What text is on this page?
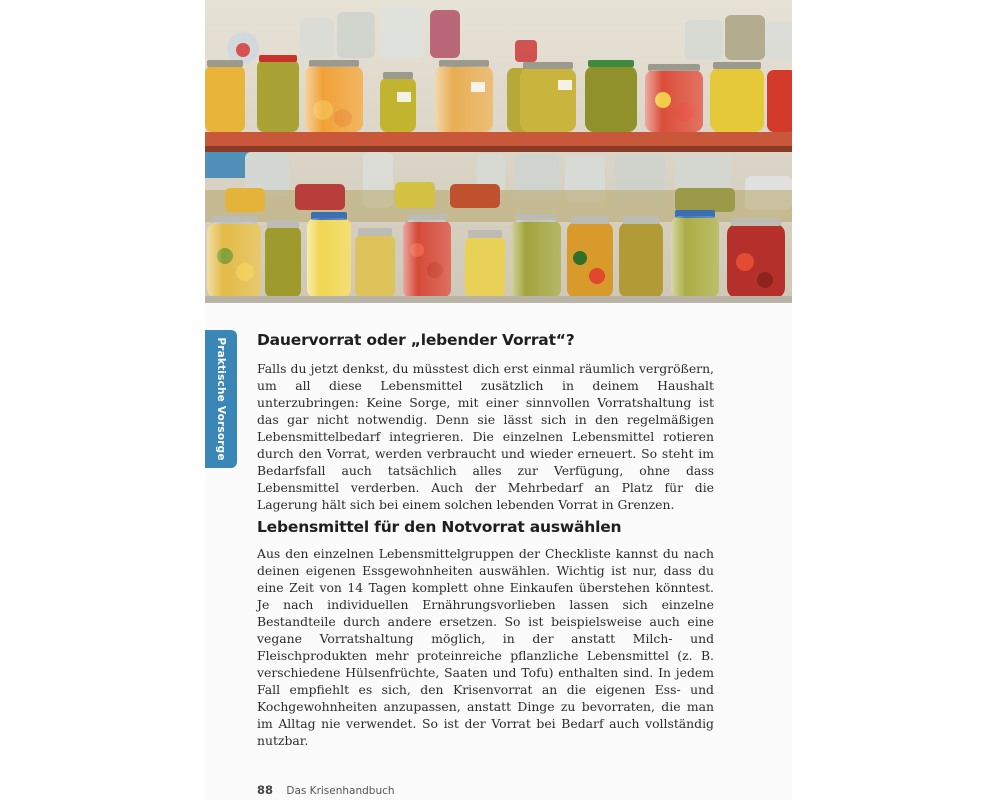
Praktische Vorsorge Dauervorrat oder „lebender Vorrat“?

Falls du jetzt denkst, du müsstest dich erst einmal räumlich vergrößern, um all diese Lebensmittel zusätzlich in deinem Haushalt unterzubringen: Keine Sorge, mit einer sinnvollen Vorratshaltung ist das gar nicht notwendig. Denn sie lässt sich in den regelmäßigen Lebensmittelbedarf integrieren. Die einzelnen Lebensmittel rotieren durch den Vorrat, werden verbraucht und wieder erneuert. So steht im Bedarfsfall auch tatsächlich alles zur Verfügung, ohne dass Lebensmittel verderben. Auch der Mehrbedarf an Platz für die Lagerung hält sich bei einem solchen lebenden Vorrat in Grenzen.

Lebensmittel für den Notvorrat auswählen

Aus den einzelnen Lebensmittelgruppen der Checkliste kannst du nach deinen eigenen Essgewohnheiten auswählen. Wichtig ist nur, dass du eine Zeit von 14 Tagen komplett ohne Einkaufen überstehen könntest. Je nach individuellen Ernährungsvorlieben lassen sich einzelne Bestandteile durch andere ersetzen. So ist beispielsweise auch eine vegane Vorratshaltung möglich, in der anstatt Milch- und Fleischprodukten mehr proteinreiche pflanzliche Lebensmittel (z. B. verschiedene Hülsenfrüchte, Saaten und Tofu) enthalten sind. In jedem Fall empfiehlt es sich, den Krisenvorrat an die eigenen Ess- und Kochgewohnheiten anzupassen, anstatt Dinge zu bevorraten, die man im Alltag nie verwendet. So ist der Vorrat bei Bedarf auch vollständig nutzbar.

88 Das Krisenhandbuch
